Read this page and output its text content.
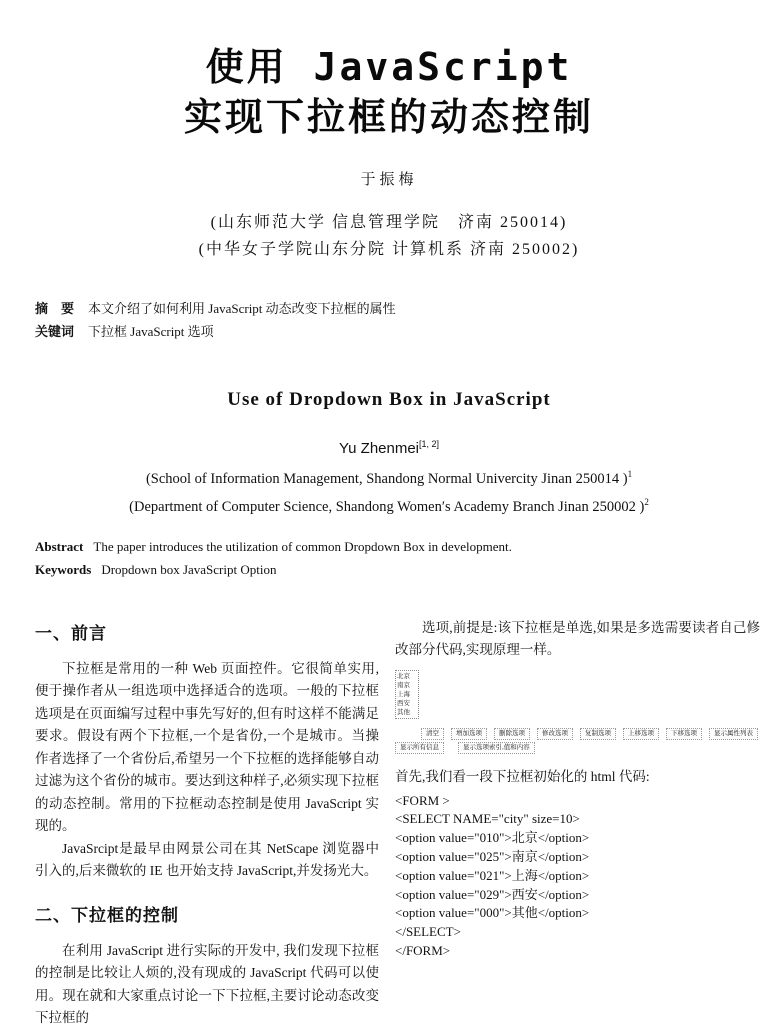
使用 JavaScript
实现下拉框的动态控制
于振梅
(山东师范大学 信息管理学院　济南 250014)
(中华女子学院山东分院 计算机系 济南 250002)
摘　要 本文介绍了如何利用 JavaScript 动态改变下拉框的属性
关键词 下拉框 JavaScript 选项
Use of Dropdown Box in JavaScript
Yu Zhenmei[1, 2]
(School of Information Management, Shandong Normal Univercity Jinan 250014 )$^1$
(Department of Computer Science, Shandong Women′s Academy Branch Jinan 250002 )$^2$
Abstract The paper introduces the utilization of common Dropdown Box in development.
Keywords Dropdown box JavaScript Option
一、前言
下拉框是常用的一种 Web 页面控件。它很简单实用,便于操作者从一组选项中选择适合的选项。一般的下拉框选项是在页面编写过程中事先写好的,但有时这样不能满足要求。假设有两个下拉框,一个是省份,一个是城市。当操作者选择了一个省份后,希望另一个下拉框的选择能够自动过滤为这个省份的城市。要达到这种样子,必须实现下拉框的动态控制。常用的下拉框动态控制是使用 JavaScript 实现的。
JavaSrcipt是最早由网景公司在其 NetScape 浏览器中引入的,后来微软的 IE 也开始支持 JavaScript,并发扬光大。
二、下拉框的控制
在利用 JavaScript 进行实际的开发中, 我们发现下拉框的控制是比较让人烦的,没有现成的 JavaScript 代码可以使用。现在就和大家重点讨论一下下拉框,主要讨论动态改变下拉框的
选项,前提是:该下拉框是单选,如果是多选需要读者自己修改部分代码,实现原理一样。
北京
南京
上海
西安
其他
清空	增加选项	删除选项	修改选项	复制选项	上移选项	下移选项	显示属性列表
显示所有信息	显示选项索引,值和内容
首先,我们看一段下拉框初始化的 html 代码:
<FORM >
<SELECT NAME="city" size=10>
<option value="010">北京</option>
<option value="025">南京</option>
<option value="021">上海</option>
<option value="029">西安</option>
<option value="000">其他</option>
</SELECT>
</FORM>
